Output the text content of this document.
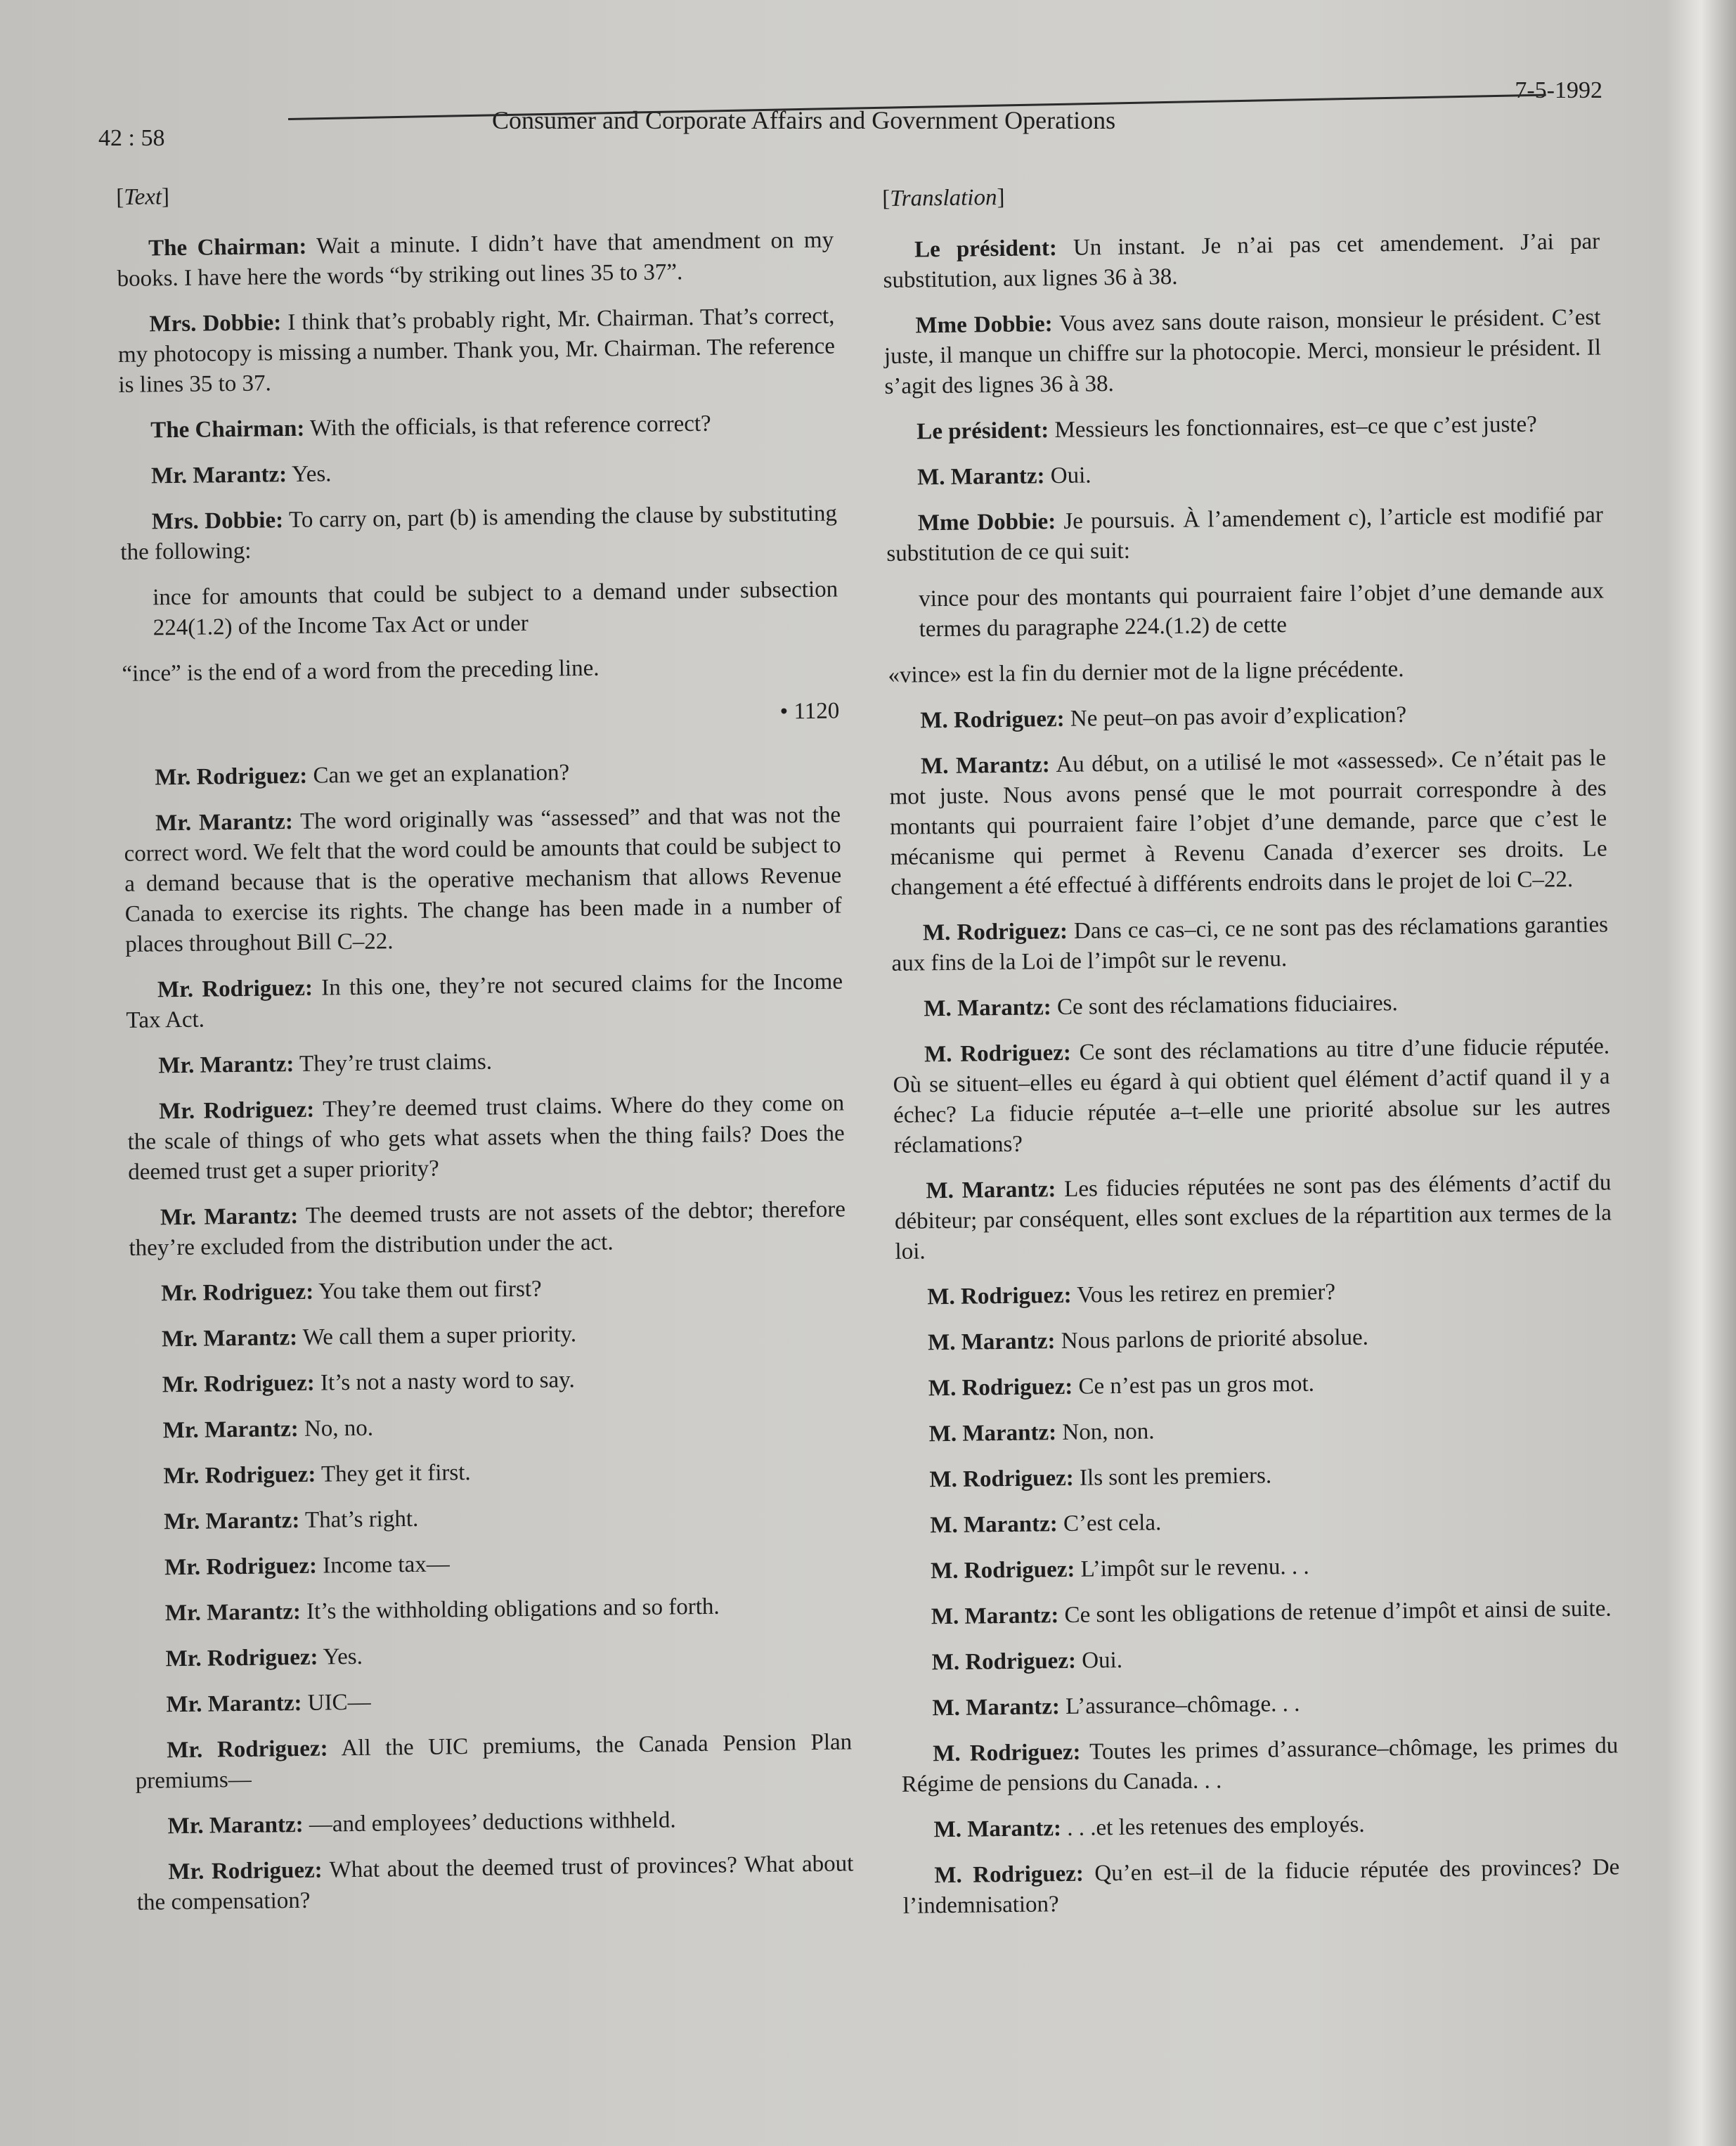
42 : 58
Consumer and Corporate Affairs and Government Operations
7-5-1992
[Text]
The Chairman: Wait a minute. I didn’t have that amendment on my books. I have here the words “by striking out lines 35 to 37”.
Mrs. Dobbie: I think that’s probably right, Mr. Chairman. That’s correct, my photocopy is missing a number. Thank you, Mr. Chairman. The reference is lines 35 to 37.
The Chairman: With the officials, is that reference correct?
Mr. Marantz: Yes.
Mrs. Dobbie: To carry on, part (b) is amending the clause by substituting the following:
ince for amounts that could be subject to a demand under subsection 224(1.2) of the Income Tax Act or under
“ince” is the end of a word from the preceding line.
• 1120
Mr. Rodriguez: Can we get an explanation?
Mr. Marantz: The word originally was “assessed” and that was not the correct word. We felt that the word could be amounts that could be subject to a demand because that is the operative mechanism that allows Revenue Canada to exercise its rights. The change has been made in a number of places throughout Bill C–22.
Mr. Rodriguez: In this one, they’re not secured claims for the Income Tax Act.
Mr. Marantz: They’re trust claims.
Mr. Rodriguez: They’re deemed trust claims. Where do they come on the scale of things of who gets what assets when the thing fails? Does the deemed trust get a super priority?
Mr. Marantz: The deemed trusts are not assets of the debtor; therefore they’re excluded from the distribution under the act.
Mr. Rodriguez: You take them out first?
Mr. Marantz: We call them a super priority.
Mr. Rodriguez: It’s not a nasty word to say.
Mr. Marantz: No, no.
Mr. Rodriguez: They get it first.
Mr. Marantz: That’s right.
Mr. Rodriguez: Income tax—
Mr. Marantz: It’s the withholding obligations and so forth.
Mr. Rodriguez: Yes.
Mr. Marantz: UIC—
Mr. Rodriguez: All the UIC premiums, the Canada Pension Plan premiums—
Mr. Marantz: —and employees’ deductions withheld.
Mr. Rodriguez: What about the deemed trust of provinces? What about the compensation?
[Translation]
Le président: Un instant. Je n’ai pas cet amendement. J’ai par substitution, aux lignes 36 à 38.
Mme Dobbie: Vous avez sans doute raison, monsieur le président. C’est juste, il manque un chiffre sur la photocopie. Merci, monsieur le président. Il s’agit des lignes 36 à 38.
Le président: Messieurs les fonctionnaires, est–ce que c’est juste?
M. Marantz: Oui.
Mme Dobbie: Je poursuis. À l’amendement c), l’article est modifié par substitution de ce qui suit:
vince pour des montants qui pourraient faire l’objet d’une demande aux termes du paragraphe 224.(1.2) de cette
«vince» est la fin du dernier mot de la ligne précédente.
M. Rodriguez: Ne peut–on pas avoir d’explication?
M. Marantz: Au début, on a utilisé le mot «assessed». Ce n’était pas le mot juste. Nous avons pensé que le mot pourrait correspondre à des montants qui pourraient faire l’objet d’une demande, parce que c’est le mécanisme qui permet à Revenu Canada d’exercer ses droits. Le changement a été effectué à différents endroits dans le projet de loi C–22.
M. Rodriguez: Dans ce cas–ci, ce ne sont pas des réclamations garanties aux fins de la Loi de l’impôt sur le revenu.
M. Marantz: Ce sont des réclamations fiduciaires.
M. Rodriguez: Ce sont des réclamations au titre d’une fiducie réputée. Où se situent–elles eu égard à qui obtient quel élément d’actif quand il y a échec? La fiducie réputée a–t–elle une priorité absolue sur les autres réclamations?
M. Marantz: Les fiducies réputées ne sont pas des éléments d’actif du débiteur; par conséquent, elles sont exclues de la répartition aux termes de la loi.
M. Rodriguez: Vous les retirez en premier?
M. Marantz: Nous parlons de priorité absolue.
M. Rodriguez: Ce n’est pas un gros mot.
M. Marantz: Non, non.
M. Rodriguez: Ils sont les premiers.
M. Marantz: C’est cela.
M. Rodriguez: L’impôt sur le revenu. . .
M. Marantz: Ce sont les obligations de retenue d’impôt et ainsi de suite.
M. Rodriguez: Oui.
M. Marantz: L’assurance–chômage. . .
M. Rodriguez: Toutes les primes d’assurance–chômage, les primes du Régime de pensions du Canada. . .
M. Marantz: . . .et les retenues des employés.
M. Rodriguez: Qu’en est–il de la fiducie réputée des provinces? De l’indemnisation?
